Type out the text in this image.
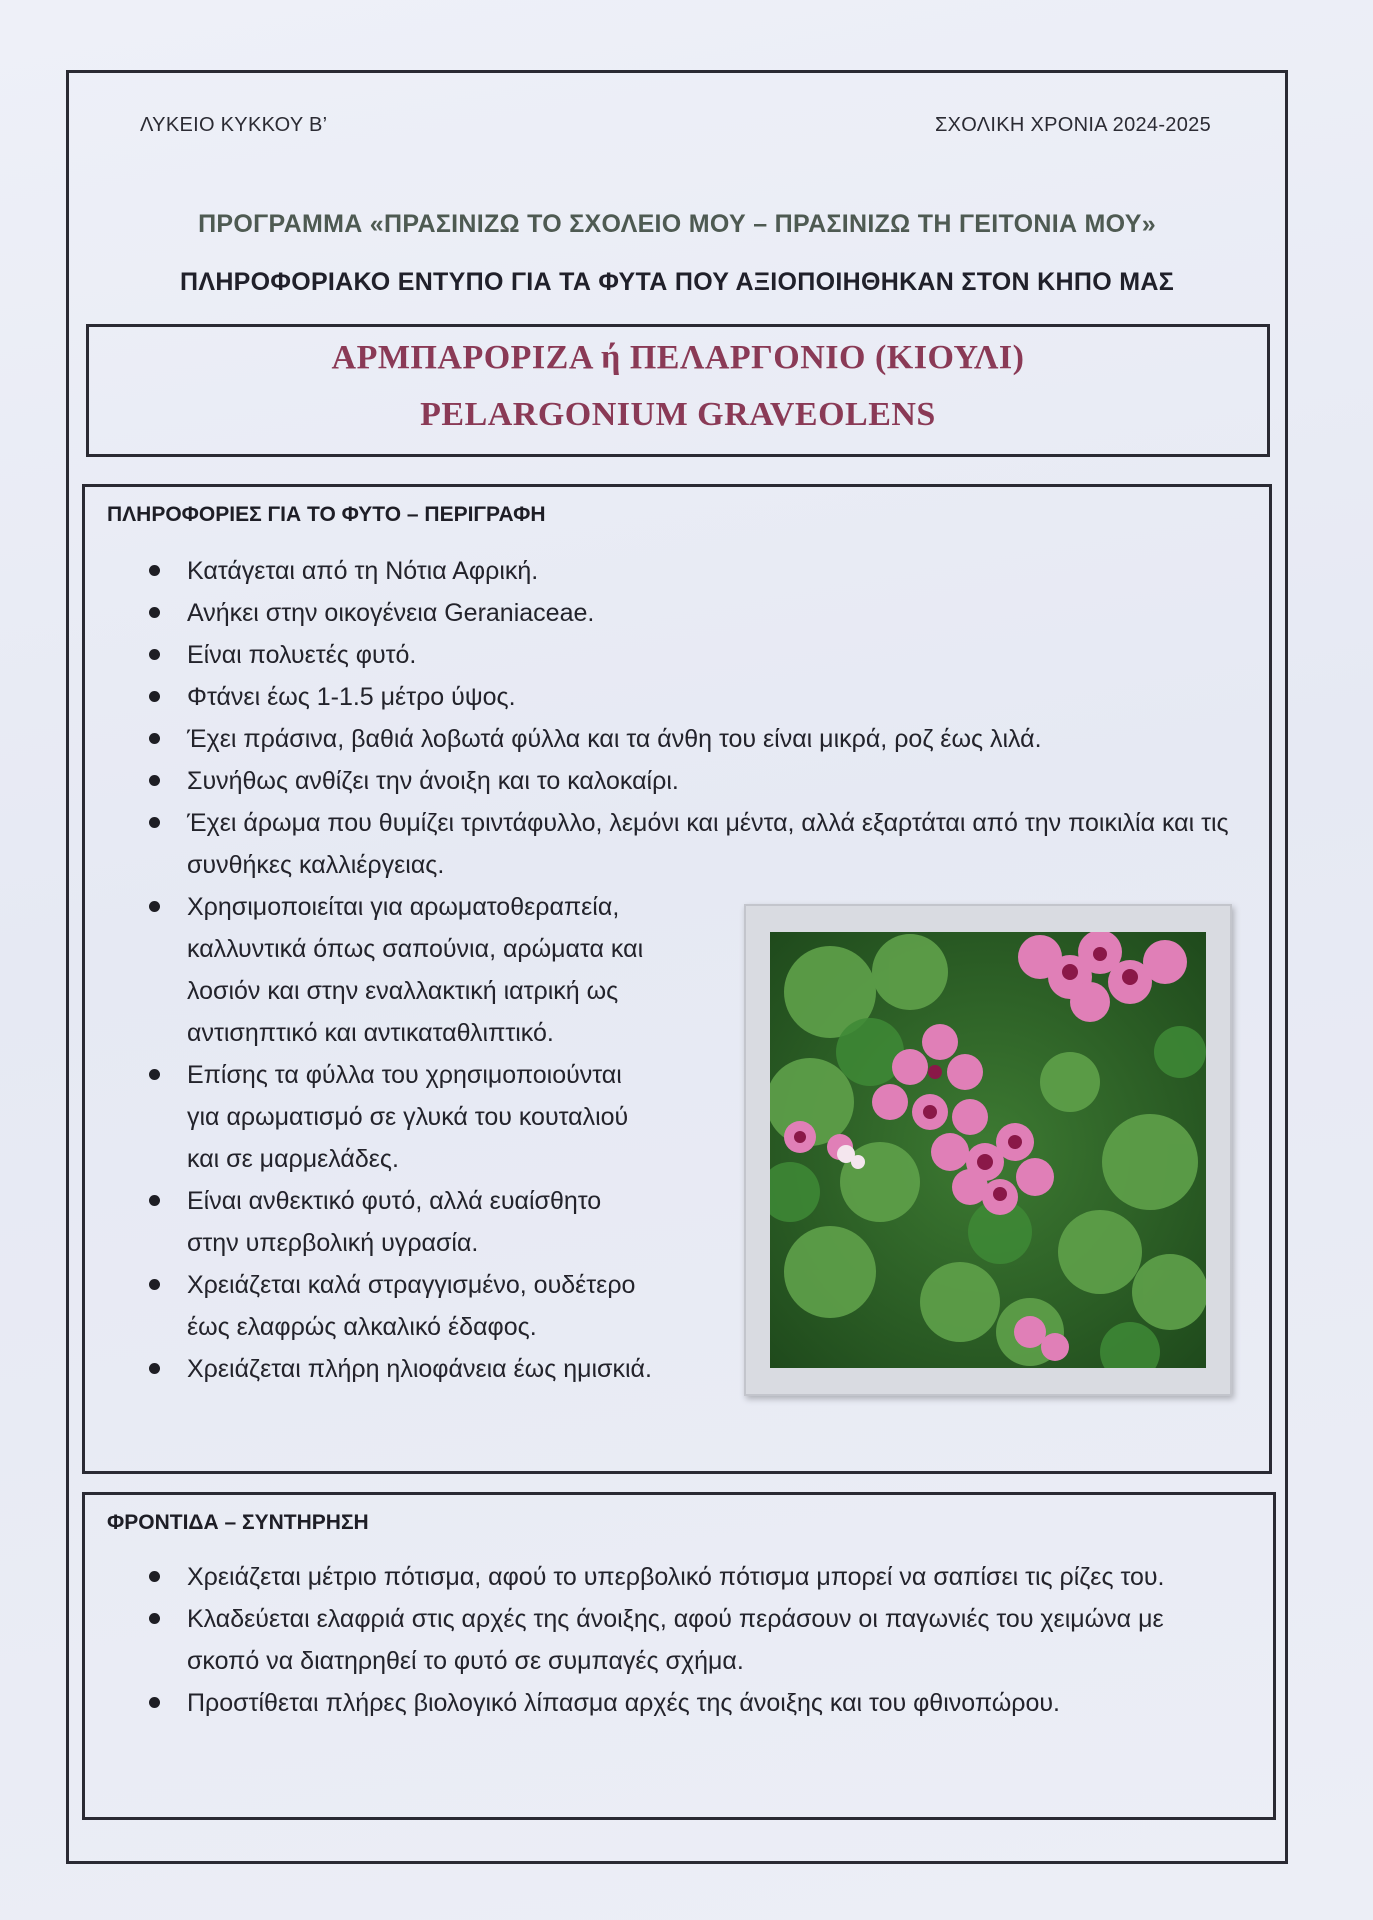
ΛΥΚΕΙΟ ΚΥΚΚΟΥ Β’	ΣΧΟΛΙΚΗ ΧΡΟΝΙΑ 2024-2025
ΠΡΟΓΡΑΜΜΑ «ΠΡΑΣΙΝΙΖΩ ΤΟ ΣΧΟΛΕΙΟ ΜΟΥ – ΠΡΑΣΙΝΙΖΩ ΤΗ ΓΕΙΤΟΝΙΑ ΜΟΥ»
ΠΛΗΡΟΦΟΡΙΑΚΟ ΕΝΤΥΠΟ ΓΙΑ ΤΑ ΦΥΤΑ ΠΟΥ ΑΞΙΟΠΟΙΗΘΗΚΑΝ ΣΤΟΝ ΚΗΠΟ ΜΑΣ
ΑΡΜΠΑΡΟΡΙΖΑ ή ΠΕΛΑΡΓΟΝΙΟ (ΚΙΟΥΛΙ)
PELARGONIUM GRAVEOLENS
ΠΛΗΡΟΦΟΡΙΕΣ ΓΙΑ ΤΟ ΦΥΤΟ – ΠΕΡΙΓΡΑΦΗ
Κατάγεται από τη Νότια Αφρική.
Ανήκει στην οικογένεια Geraniaceae.
Είναι πολυετές φυτό.
Φτάνει έως 1-1.5 μέτρο ύψος.
Έχει πράσινα, βαθιά λοβωτά φύλλα και τα άνθη του είναι μικρά, ροζ έως λιλά.
Συνήθως ανθίζει την άνοιξη και το καλοκαίρι.
Έχει άρωμα που θυμίζει τριντάφυλλο, λεμόνι και μέντα, αλλά εξαρτάται από την ποικιλία και τις συνθήκες καλλιέργειας.
Χρησιμοποιείται για αρωματοθεραπεία, καλλυντικά όπως σαπούνια, αρώματα και λοσιόν και στην εναλλακτική ιατρική ως αντισηπτικό και αντικαταθλιπτικό.
Επίσης τα φύλλα του χρησιμοποιούνται για αρωματισμό σε γλυκά του κουταλιού και σε μαρμελάδες.
Είναι ανθεκτικό φυτό, αλλά ευαίσθητο στην υπερβολική υγρασία.
Χρειάζεται καλά στραγγισμένο, ουδέτερο έως ελαφρώς αλκαλικό έδαφος.
Χρειάζεται πλήρη ηλιοφάνεια έως ημισκιά.
ΦΡΟΝΤΙΔΑ – ΣΥΝΤΗΡΗΣΗ
Χρειάζεται μέτριο πότισμα, αφού το υπερβολικό πότισμα μπορεί να σαπίσει τις ρίζες του.
Κλαδεύεται ελαφριά στις αρχές της άνοιξης, αφού περάσουν οι παγωνιές του χειμώνα με σκοπό να διατηρηθεί το φυτό σε συμπαγές σχήμα.
Προστίθεται πλήρες βιολογικό λίπασμα αρχές της άνοιξης και του φθινοπώρου.
